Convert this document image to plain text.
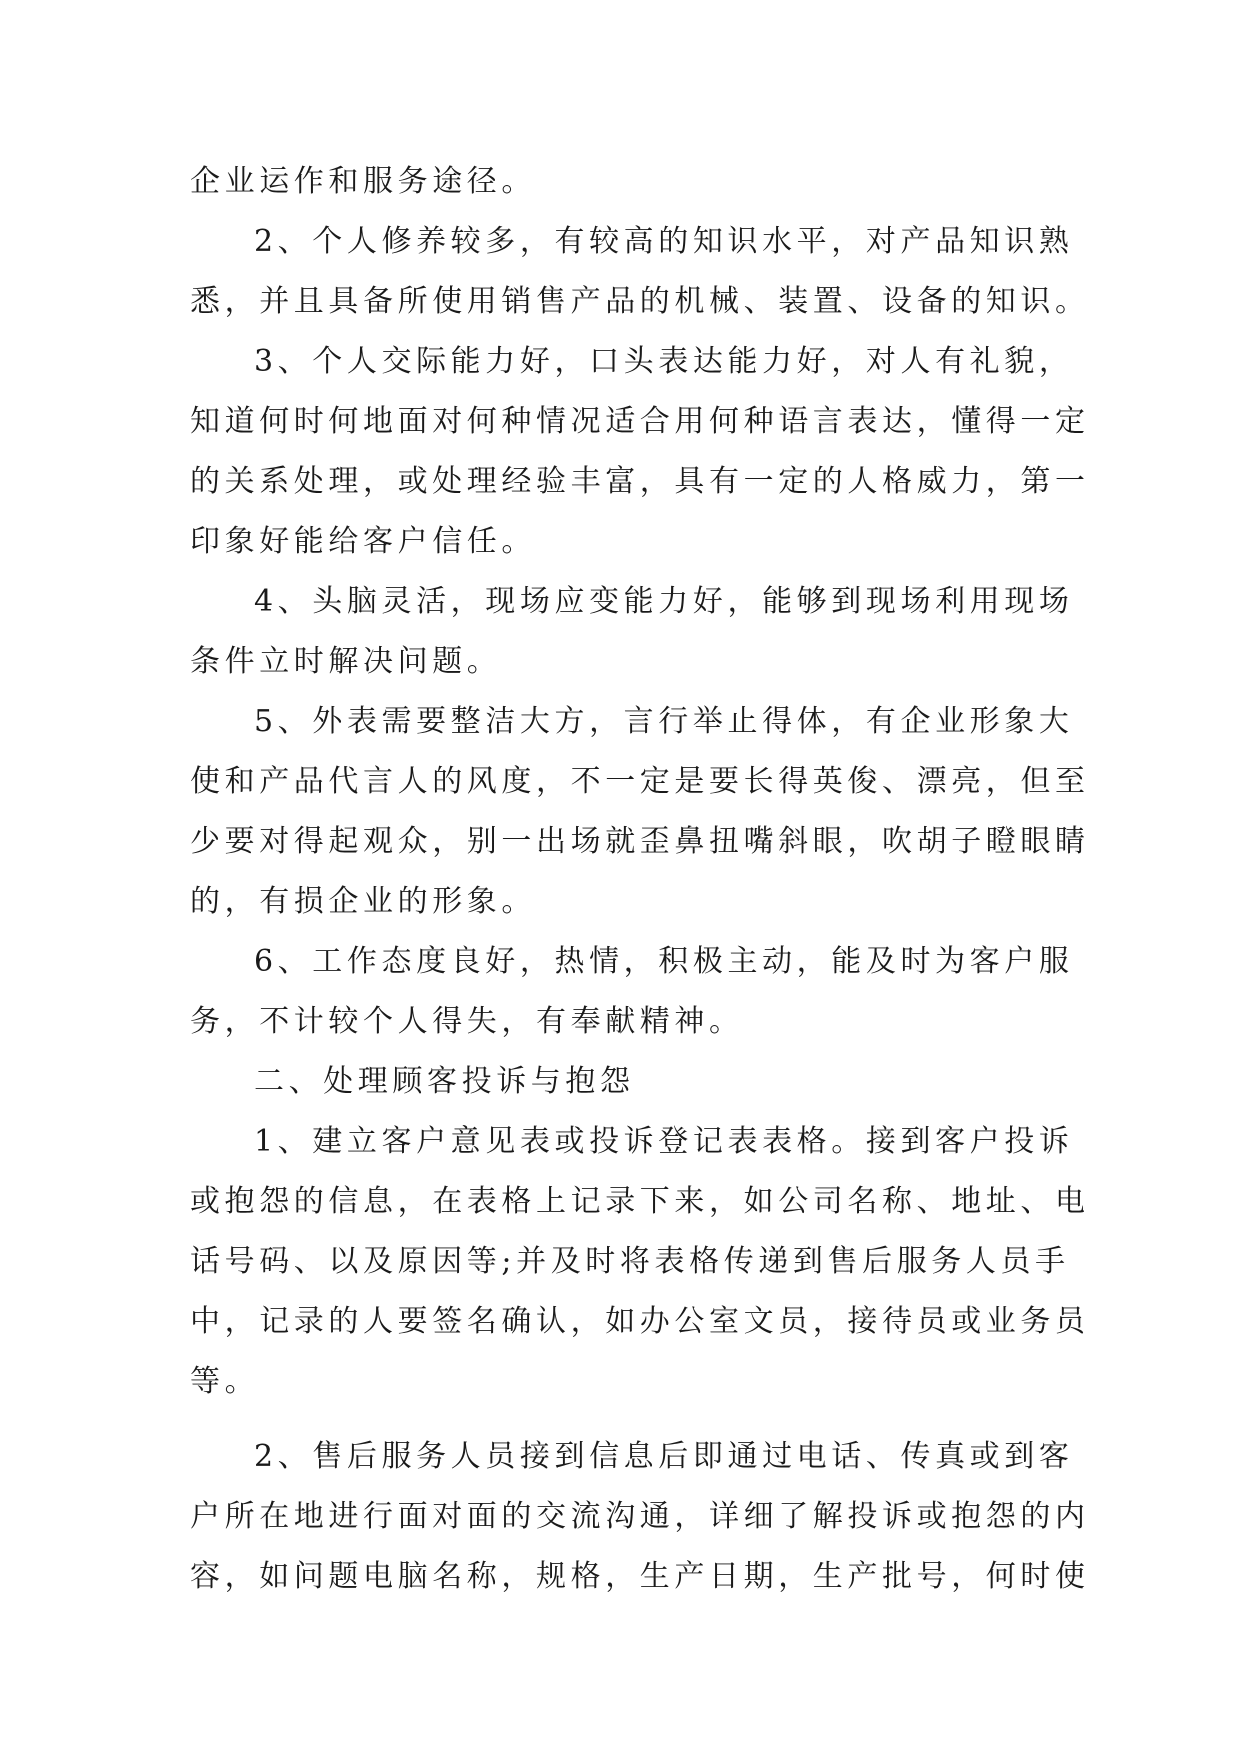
企业运作和服务途径。
2、个人修养较多，有较高的知识水平，对产品知识熟
悉，并且具备所使用销售产品的机械、装置、设备的知识。
3、个人交际能力好，口头表达能力好，对人有礼貌，
知道何时何地面对何种情况适合用何种语言表达，懂得一定
的关系处理，或处理经验丰富，具有一定的人格威力，第一
印象好能给客户信任。
4、头脑灵活，现场应变能力好，能够到现场利用现场
条件立时解决问题。
5、外表需要整洁大方，言行举止得体，有企业形象大
使和产品代言人的风度，不一定是要长得英俊、漂亮，但至
少要对得起观众，别一出场就歪鼻扭嘴斜眼，吹胡子瞪眼睛
的，有损企业的形象。
6、工作态度良好，热情，积极主动，能及时为客户服
务，不计较个人得失，有奉献精神。
二、处理顾客投诉与抱怨
1、建立客户意见表或投诉登记表表格。接到客户投诉
或抱怨的信息，在表格上记录下来，如公司名称、地址、电
话号码、以及原因等;并及时将表格传递到售后服务人员手
中，记录的人要签名确认，如办公室文员，接待员或业务员
等。
2、售后服务人员接到信息后即通过电话、传真或到客
户所在地进行面对面的交流沟通，详细了解投诉或抱怨的内
容，如问题电脑名称，规格，生产日期，生产批号，何时使
